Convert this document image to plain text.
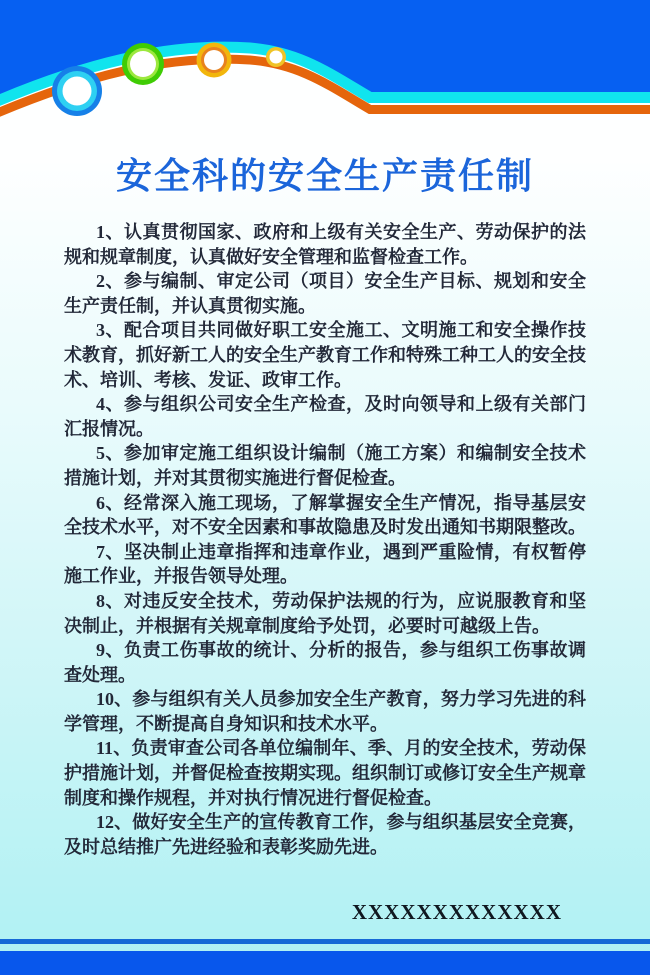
安全科的安全生产责任制

1、认真贯彻国家、政府和上级有关安全生产、劳动保护的法规和规章制度，认真做好安全管理和监督检查工作。

2、参与编制、审定公司（项目）安全生产目标、规划和安全生产责任制，并认真贯彻实施。

3、配合项目共同做好职工安全施工、文明施工和安全操作技术教育，抓好新工人的安全生产教育工作和特殊工种工人的安全技术、培训、考核、发证、政审工作。

4、参与组织公司安全生产检查，及时向领导和上级有关部门汇报情况。

5、参加审定施工组织设计编制（施工方案）和编制安全技术措施计划，并对其贯彻实施进行督促检查。

6、经常深入施工现场，了解掌握安全生产情况，指导基层安全技术水平，对不安全因素和事故隐患及时发出通知书期限整改。

7、坚决制止违章指挥和违章作业，遇到严重险情，有权暂停施工作业，并报告领导处理。

8、对违反安全技术，劳动保护法规的行为，应说服教育和坚决制止，并根据有关规章制度给予处罚，必要时可越级上告。

9、负责工伤事故的统计、分析的报告，参与组织工伤事故调查处理。

10、参与组织有关人员参加安全生产教育，努力学习先进的科学管理，不断提高自身知识和技术水平。

11、负责审查公司各单位编制年、季、月的安全技术，劳动保护措施计划，并督促检查按期实现。组织制订或修订安全生产规章制度和操作规程，并对执行情况进行督促检查。

12、做好安全生产的宣传教育工作，参与组织基层安全竞赛，及时总结推广先进经验和表彰奖励先进。

XXXXXXXXXXXXX
